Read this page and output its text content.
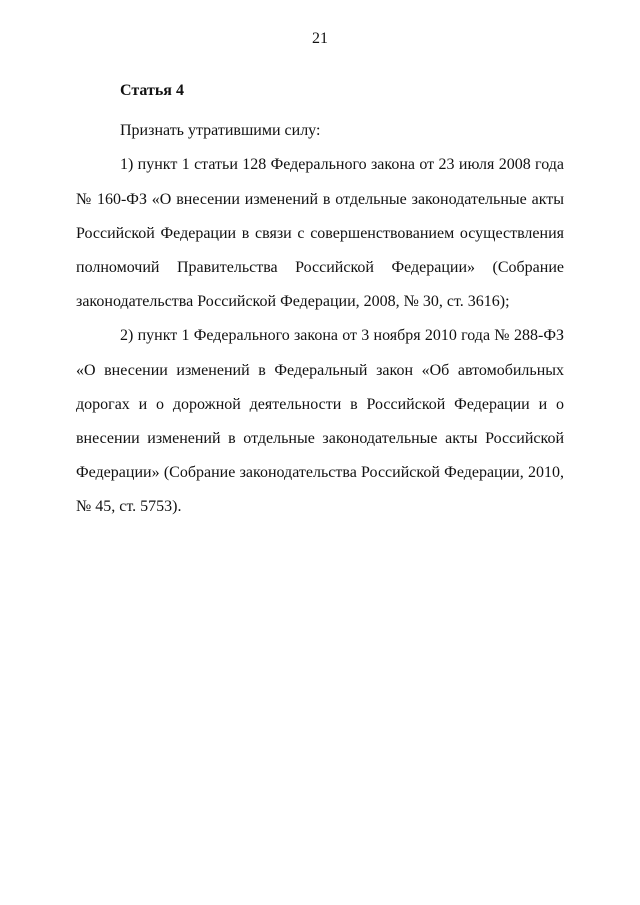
21

Статья 4

Признать утратившими силу:

1) пункт 1 статьи 128 Федерального закона от 23 июля 2008 года № 160-ФЗ «О внесении изменений в отдельные законодательные акты Российской Федерации в связи с совершенствованием осуществления полномочий Правительства Российской Федерации» (Собрание законодательства Российской Федерации, 2008, № 30, ст. 3616);

2) пункт 1 Федерального закона от 3 ноября 2010 года № 288-ФЗ «О внесении изменений в Федеральный закон «Об автомобильных дорогах и о дорожной деятельности в Российской Федерации и о внесении изменений в отдельные законодательные акты Российской Федерации» (Собрание законодательства Российской Федерации, 2010, № 45, ст. 5753).
